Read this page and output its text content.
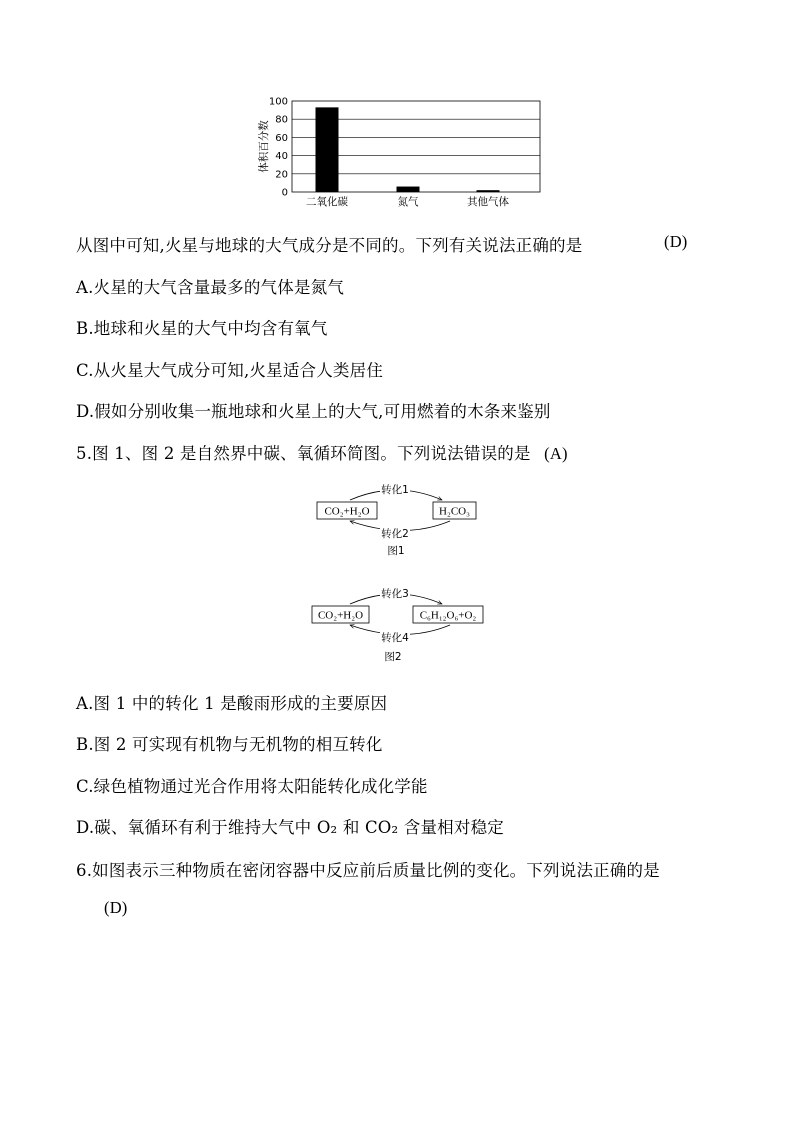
0
20
40
60
80
100
体积百分数
二氧化碳	氮气	其他气体
从图中可知,火星与地球的大气成分是不同的。下列有关说法正确的是	(D)
A.火星的大气含量最多的气体是氮气
B.地球和火星的大气中均含有氧气
C.从火星大气成分可知,火星适合人类居住
D.假如分别收集一瓶地球和火星上的大气,可用燃着的木条来鉴别
5.图 1、图 2 是自然界中碳、氧循环简图。下列说法错误的是 (A)
CO₂+H₂O	H₂CO₃
转化1
转化2
图1
CO₂+H₂O	C₆H₁₂O₆+O₂
转化3
转化4
图2
A.图 1 中的转化 1 是酸雨形成的主要原因
B.图 2 可实现有机物与无机物的相互转化
C.绿色植物通过光合作用将太阳能转化成化学能
D.碳、氧循环有利于维持大气中 O₂ 和 CO₂ 含量相对稳定
6.如图表示三种物质在密闭容器中反应前后质量比例的变化。下列说法正确的是
(D)
